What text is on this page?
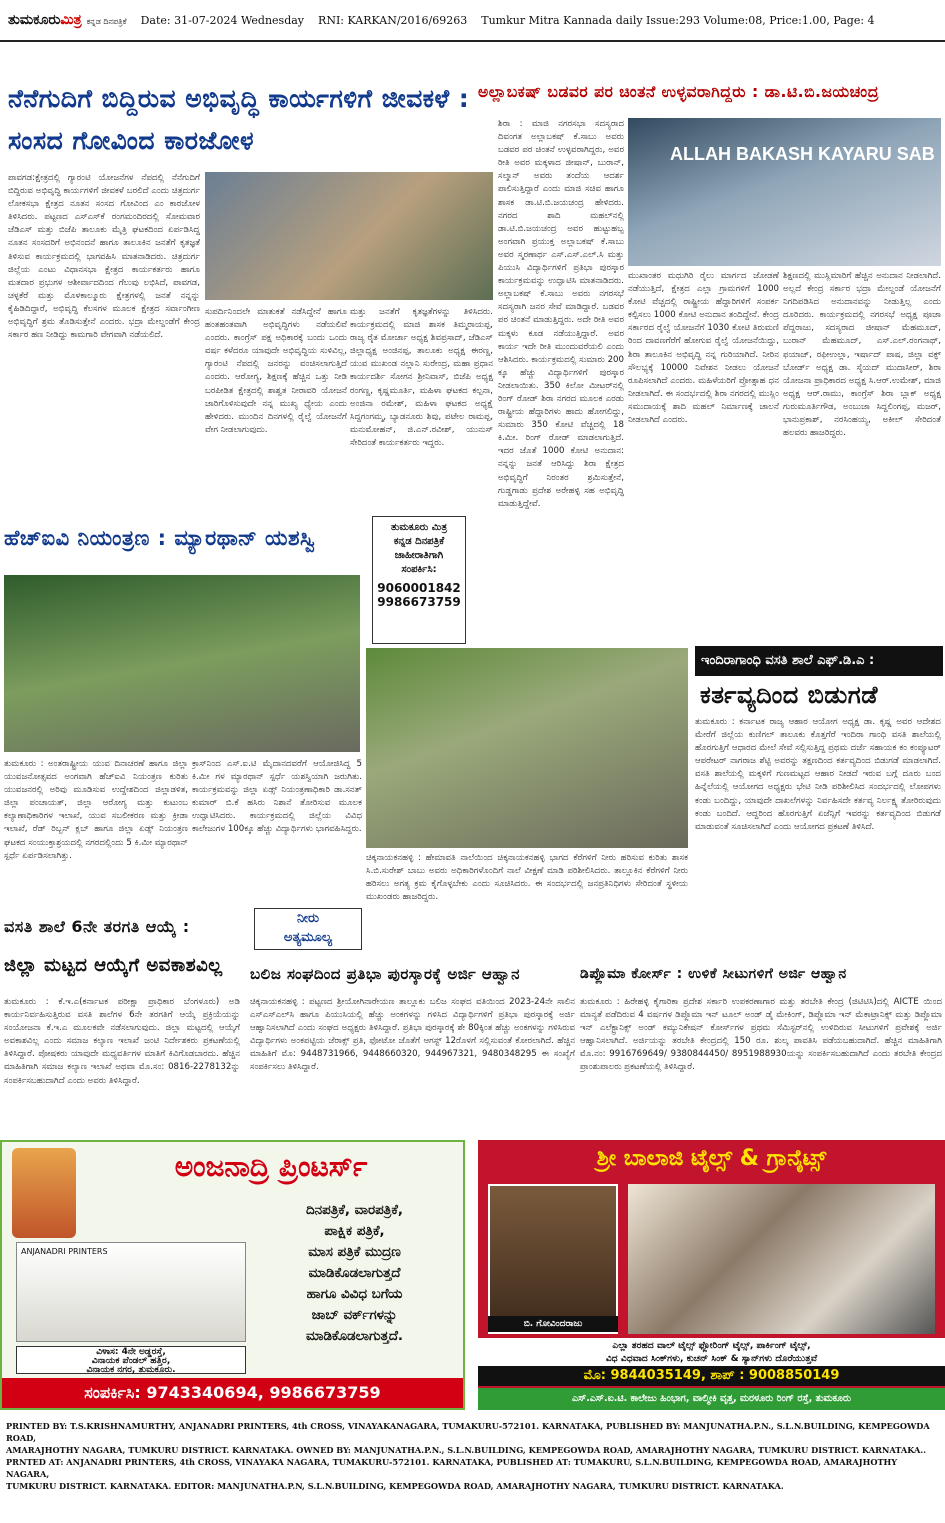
ತುಮಕೂರುಮಿತ್ರ ಕನ್ನಡ ದಿನಪತ್ರಿಕೆ Date: 31-07-2024 Wednesday RNI: KARKAN/2016/69263 Tumkur Mitra Kannada daily Issue:293 Volume:08, Price:1.00, Page: 4
ನೆನೆಗುದಿಗೆ ಬಿದ್ದಿರುವ ಅಭಿವೃದ್ಧಿ ಕಾರ್ಯಗಳಿಗೆ ಜೀವಕಳೆ : ಸಂಸದ ಗೋವಿಂದ ಕಾರಜೋಳ
ಪಾವಗಡ:ಕ್ಷೇತ್ರದಲ್ಲಿ ಗ್ಯಾರಂಟಿ ಯೋಜನೆಗಳ ನೆಪದಲ್ಲಿ ನೆನೆಗುದಿಗೆ ಬಿದ್ದಿರುವ ಅಭಿವೃದ್ಧಿ ಕಾರ್ಯಗಳಿಗೆ ಜೀವಕಳೆ ಬರಲಿದೆ ಎಂದು ಚಿತ್ರದುರ್ಗ ಲೋಕಸಭಾ ಕ್ಷೇತ್ರದ ನೂತನ ಸಂಸದ ಗೋವಿಂದ ಎಂ ಕಾರಜೋಳ ತಿಳಿಸಿದರು. ಪಟ್ಟಣದ ಎಸ್‌ಎಸ್‌ಕೆ ರಂಗಮಂದಿರದಲ್ಲಿ ಸೋಮವಾರ ಜೆಡಿಎಸ್ ಮತ್ತು ಬಿಜೆಪಿ ತಾಲೂಕು ಮೈತ್ರಿ ಘಟಕದಿಂದ ಏರ್ಪಡಿಸಿದ್ದ ನೂತನ ಸಂಸದರಿಗೆ ಅಭಿನಂದನೆ ಹಾಗೂ ತಾಲೂಕಿನ ಜನತೆಗೆ ಕೃತಜ್ಞತೆ ತಿಳಿಸುವ ಕಾರ್ಯಕ್ರಮದಲ್ಲಿ ಭಾಗವಹಿಸಿ ಮಾತನಾಡಿದರು. ಚಿತ್ರದುರ್ಗ ಜಿಲ್ಲೆಯ ಎಂಟು ವಿಧಾನಸಭಾ ಕ್ಷೇತ್ರದ ಕಾರ್ಯಕರ್ತರು ಹಾಗೂ ಮತದಾರ ಪ್ರಭುಗಳ ಆಶೀರ್ವಾದದಿಂದ ಗೆಲುವು ಲಭಿಸಿದೆ, ಪಾವಗಡ, ಚಳ್ಳಕೆರೆ ಮತ್ತು ಮೊಳಕಾಲ್ಮೂರು ಕ್ಷೇತ್ರಗಳಲ್ಲಿ ಜನತೆ ನನ್ನನ್ನು ಕೈಹಿಡಿದಿದ್ದಾರೆ, ಅಭಿವೃದ್ಧಿ ಕೆಲಸಗಳ ಮೂಲಕ ಕ್ಷೇತ್ರದ ಸರ್ವಾಂಗೀಣ ಅಭಿವೃದ್ಧಿಗೆ ಶ್ರಮ ತೊಡಿಸುತ್ತೇನೆ ಎಂದರು. ಭದ್ರಾ ಮೇಲ್ದಂಡೆಗೆ ಕೇಂದ್ರ ಸರ್ಕಾರ ಹಣ ನೀಡಿದ್ದು ಕಾಮಗಾರಿ ವೇಗವಾಗಿ ನಡೆಯಲಿದೆ.
ಸುಪರ್ದಿನಿಂದಲೇ ಮಾತುಕತೆ ನಡೆಸಿದ್ದೇನೆ ಹಾಗೂ ಹಂತಹಂತವಾಗಿ ಅಭಿವೃದ್ಧಿಗಳು ನಡೆಯಲಿವೆ ಎಂದರು. ಕಾಂಗ್ರೆಸ್ ಪಕ್ಷ ಅಧಿಕಾರಕ್ಕೆ ಬಂದು ಒಂದು ವರ್ಷ ಕಳೆದರೂ ಯಾವುದೇ ಅಭಿವೃದ್ಧಿಯ ಸುಳಿವಿಲ್ಲ, ಗ್ಯಾರಂಟಿ ನೆಪದಲ್ಲಿ ಜನರನ್ನು ವಂಚಿಸಲಾಗುತ್ತಿದೆ ಎಂದರು. ಆರೋಗ್ಯ, ಶಿಕ್ಷಣಕ್ಕೆ ಹೆಚ್ಚಿನ ಒತ್ತು ನೀಡಿ ಬರಪೀಡಿತ ಕ್ಷೇತ್ರದಲ್ಲಿ ಶಾಶ್ವತ ನೀರಾವರಿ ಯೋಜನೆ ಜಾರಿಗೊಳಿಸುವುದೇ ನನ್ನ ಮುಖ್ಯ ಧ್ಯೇಯ ಎಂದು ಹೇಳಿದರು. ಮುಂದಿನ ದಿನಗಳಲ್ಲಿ ರೈಲ್ವೆ ಯೋಜನೆಗೆ ವೇಗ ನೀಡಲಾಗುವುದು.
ಮತ್ತು ಜನತೆಗೆ ಕೃತಜ್ಞತೆಗಳನ್ನು ತಿಳಿಸಿದರು. ಕಾರ್ಯಕ್ರಮದಲ್ಲಿ ಮಾಜಿ ಶಾಸಕ ತಿಮ್ಮರಾಯಪ್ಪ, ರಾಜ್ಯ ರೈತ ಮೋರ್ಚಾ ಅಧ್ಯಕ್ಷ ಶಿವಪ್ರಸಾದ್, ಜೆಡಿಎಸ್ ಜಿಲ್ಲಾಧ್ಯಕ್ಷ ಅಂಜಿನಪ್ಪ, ತಾಲೂಕು ಅಧ್ಯಕ್ಷ ಈರಣ್ಣ, ಯುವ ಮುಖಂಡ ನಲ್ಲಾನಿ ಸುರೇಂದ್ರ, ಮಹಾ ಪ್ರಧಾನ ಕಾರ್ಯದರ್ಶಿ ಸೋಗನ ಶ್ರೀನಿವಾಸ್, ಬಿಜೆಪಿ ಅಧ್ಯಕ್ಷ ರಂಗಣ್ಣ, ಕೃಷ್ಣಮೂರ್ತಿ, ಮಹಿಳಾ ಘಟಕದ ಕಲ್ಪನಾ, ಅಂಜಿನಾ ರಮೇಶ್, ಮಹಿಳಾ ಘಟಕದ ಅಧ್ಯಕ್ಷೆ ಸಿದ್ದಗಂಗಮ್ಮ, ಬ್ಯಾಡನೂರು ಶಿವು, ಪಟೇಲ ರಾಮಪ್ಪ, ಮನುಮೋಹನ್, ಜಿ.ಎನ್.ರವೀಶ್, ಯುನುಸ್ ಸೇರಿದಂತೆ ಕಾರ್ಯಕರ್ತರು ಇದ್ದರು.
ಅಲ್ಲಾಬಕಷ್ ಬಡವರ ಪರ ಚಿಂತನೆ ಉಳ್ಳವರಾಗಿದ್ದರು : ಡಾ.ಟಿ.ಬಿ.ಜಯಚಂದ್ರ
ಶಿರಾ : ಮಾಜಿ ನಗರಸಭಾ ಸದಸ್ಯರಾದ ದಿವಂಗತ ಅಲ್ಲಾಬಕಷ್ ಕೆ.ಸಾಬು ಅವರು ಬಡವರ ಪರ ಚಿಂತನೆ ಉಳ್ಳವರಾಗಿದ್ದರು, ಅವರ ರೀತಿ ಅವರ ಮಕ್ಕಳಾದ ಜೀಷಾನ್, ಬುರಾನ್, ಸಲ್ಮಾನ್ ಅವರು ತಂದೆಯ ಆದರ್ಶ ಪಾಲಿಸುತ್ತಿದ್ದಾರೆ ಎಂದು ಮಾಜಿ ಸಚಿವ ಹಾಗೂ ಶಾಸಕ ಡಾ.ಟಿ.ಬಿ.ಜಯಚಂದ್ರ ಹೇಳಿದರು. ನಗರದ ಶಾದಿ ಮಹಲ್‌ನಲ್ಲಿ ಡಾ.ಟಿ.ಬಿ.ಜಯಚಂದ್ರ ಅವರ ಹುಟ್ಟುಹಬ್ಬ ಅಂಗವಾಗಿ ಪ್ರಯುಕ್ತ ಅಲ್ಲಾಬಕಷ್ ಕೆ.ಸಾಬು ಅವರ ಸ್ಮರಣಾರ್ಥ ಎಸ್.ಎಸ್.ಎಲ್.ಸಿ ಮತ್ತು ಪಿಯುಸಿ ವಿದ್ಯಾರ್ಥಿಗಳಿಗೆ ಪ್ರತಿಭಾ ಪುರಸ್ಕಾರ ಕಾರ್ಯಕ್ರಮವನ್ನು ಉದ್ಘಾಟಿಸಿ ಮಾತನಾಡಿದರು. ಅಲ್ಲಾಬಕಷ್ ಕೆ.ಸಾಬು ಅವರು ನಗರಸಭೆ ಸದಸ್ಯರಾಗಿ ಜನರ ಸೇವೆ ಮಾಡಿದ್ದಾರೆ. ಬಡವರ ಪರ ಚಿಂತನೆ ಮಾಡುತ್ತಿದ್ದರು. ಅದೇ ರೀತಿ ಅವರ ಮಕ್ಕಳು ಕೂಡ ನಡೆಯುತ್ತಿದ್ದಾರೆ. ಅವರ ಕಾರ್ಯ ಇದೇ ರೀತಿ ಮುಂದುವರೆಯಲಿ ಎಂದು ಆಶಿಸಿದರು. ಕಾರ್ಯಕ್ರಮದಲ್ಲಿ ಸುಮಾರು 200 ಕ್ಕೂ ಹೆಚ್ಚು ವಿದ್ಯಾರ್ಥಿಗಳಿಗೆ ಪುರಸ್ಕಾರ ನೀಡಲಾಯಿತು. 350 ಕಿಲೋ ಮೀಟರ್‌ನಲ್ಲಿ ರಿಂಗ್ ರೋಡ್ ಶಿರಾ ನಗರದ ಮೂಲಕ ಎರಡು ರಾಷ್ಟ್ರೀಯ ಹೆದ್ದಾರಿಗಳು ಹಾದು ಹೋಗಲಿದ್ದು, ಸುಮಾರು 350 ಕೋಟಿ ವೆಚ್ಚದಲ್ಲಿ 18 ಕಿ.ಮೀ. ರಿಂಗ್ ರೋಡ್ ಮಾಡಲಾಗುತ್ತಿದೆ. ಇದರ ಜೊತೆ 1000 ಕೋಟಿ ಅನುದಾನ: ನನ್ನನ್ನು ಜನತೆ ಆರಿಸಿದ್ದು ಶಿರಾ ಕ್ಷೇತ್ರದ ಅಭಿವೃದ್ಧಿಗೆ ನಿರಂತರ ಶ್ರಮಿಸುತ್ತೇನೆ, ಗುಡ್ಡಗಾಡು ಪ್ರದೇಶ ಅರೇಹಳ್ಳಿ ಸಹ ಅಭಿವೃದ್ಧಿ ಮಾಡುತ್ತಿದ್ದೇವೆ.
ALLAH BAKASH KAYARU SAB
ಮುಖಾಂತರ ಮಧುಗಿರಿ ರೈಲು ಮಾರ್ಗದ ಜೋಡಣೆ ನಡೆಯುತ್ತಿದೆ, ಕ್ಷೇತ್ರದ ಎಲ್ಲಾ ಗ್ರಾಮಗಳಿಗೆ 1000 ಕೋಟಿ ವೆಚ್ಚದಲ್ಲಿ ರಾಷ್ಟ್ರೀಯ ಹೆದ್ದಾರಿಗಳಿಗೆ ಸಂಪರ್ಕ ಕಲ್ಪಿಸಲು 1000 ಕೋಟಿ ಅನುದಾನ ತಂದಿದ್ದೇನೆ. ಕೇಂದ್ರ ಸರ್ಕಾರದ ರೈಲ್ವೆ ಯೋಜನೆಗೆ 1030 ಕೋಟಿ ತಿರುಮಣಿ ರಿಂದ ದಾವಣಗೆರೆಗೆ ಹೋಗುವ ರೈಲ್ವೆ ಯೋಜನೆಯಿದ್ದು, ಶಿರಾ ತಾಲೂಕಿನ ಅಭಿವೃದ್ಧಿ ನನ್ನ ಗುರಿಯಾಗಿದೆ. ನೀರಿನ ಸೌಲಭ್ಯಕ್ಕೆ 10000 ನಿವೇಶನ ನೀಡಲು ಯೋಜನೆ ರೂಪಿಸಲಾಗಿದೆ ಎಂದರು. ಮಹಿಳೆಯರಿಗೆ ಪ್ರೋತ್ಸಾಹ ಧನ ನೀಡಲಾಗಿದೆ. ಈ ಸಂದರ್ಭದಲ್ಲಿ ಶಿರಾ ನಗರದಲ್ಲಿ ಮುಸ್ಲಿಂ ಸಮುದಾಯಕ್ಕೆ ಶಾದಿ ಮಹಲ್ ನಿರ್ಮಾಣಕ್ಕೆ ಚಾಲನೆ ನೀಡಲಾಗಿದೆ ಎಂದರು.
ಶಿಕ್ಷಣದಲ್ಲಿ ಮುಸ್ಲಿಮಾರಿಗೆ ಹೆಚ್ಚಿನ ಅನುದಾನ ನೀಡಲಾಗಿದೆ. ಅಲ್ಲದೆ ಕೇಂದ್ರ ಸರ್ಕಾರ ಭದ್ರಾ ಮೇಲ್ದಂಡೆ ಯೋಜನೆಗೆ ನಿಗದಿಪಡಿಸಿದ ಅನುದಾನವನ್ನು ನೀಡುತ್ತಿಲ್ಲ ಎಂದು ದೂರಿದರು. ಕಾರ್ಯಕ್ರಮದಲ್ಲಿ ನಗರಸಭೆ ಅಧ್ಯಕ್ಷ ಪೂಜಾ ಪೆದ್ದರಾಜು, ಸದಸ್ಯರಾದ ಜೀಷಾನ್ ಮೆಹಮೂದ್, ಬುರಾನ್ ಮೆಹಮೂದ್, ಎಸ್.ಎಲ್.ರಂಗನಾಥ್, ಫಯಾಜ್, ರಫೀಉಲ್ಲಾ, ಇರ್ಷಾದ್ ಪಾಷ, ಜಿಲ್ಲಾ ವಕ್ಫ್ ಬೋರ್ಡ್ ಅಧ್ಯಕ್ಷ ಡಾ. ಸೈಯದ್ ಮುದಾಸೀರ್, ಶಿರಾ ಯೋಜನಾ ಪ್ರಾಧಿಕಾರದ ಅಧ್ಯಕ್ಷ ಸಿ.ಆರ್.ಉಮೇಶ್, ಮಾಜಿ ಅಧ್ಯಕ್ಷ ಆರ್.ರಾಮು, ಕಾಂಗ್ರೆಸ್ ಶಿರಾ ಬ್ಲಾಕ್ ಅಧ್ಯಕ್ಷ ಗುರುಮೂರ್ತಿಗೌಡ, ಅಂಬುಜಾ ಸಿದ್ದಲಿಂಗಪ್ಪ, ಮಜರ್, ಭಾನುಪ್ರಕಾಶ್, ನರಸಿಂಹಯ್ಯ, ಅಕೀಲ್ ಸೇರಿದಂತೆ ಹಲವರು ಹಾಜರಿದ್ದರು.
ಹೆಚ್‌ಐವಿ ನಿಯಂತ್ರಣ : ಮ್ಯಾರಥಾನ್ ಯಶಸ್ವಿ	ತುಮಕೂರು ಮಿತ್ರ
ಕನ್ನಡ ದಿನಪತ್ರಿಕೆ
ಜಾಹೀರಾತಿಗಾಗಿ
ಸಂಪರ್ಕಿಸಿ:
9060001842
9986673759
ತುಮಕೂರು : ಅಂತರಾಷ್ಟ್ರೀಯ ಯುವ ದಿನಾಚರಣೆ ಹಾಗೂ ಜಿಲ್ಲಾ ಯುವಜನೋತ್ಸವದ ಅಂಗವಾಗಿ ಹೆಚ್‌ಐವಿ ನಿಯಂತ್ರಣ ಕುರಿತು ಯುವಜನರಲ್ಲಿ ಅರಿವು ಮೂಡಿಸುವ ಉದ್ದೇಶದಿಂದ ಜಿಲ್ಲಾಡಳಿತ, ಜಿಲ್ಲಾ ಪಂಚಾಯತ್, ಜಿಲ್ಲಾ ಆರೋಗ್ಯ ಮತ್ತು ಕುಟುಂಬ ಕಲ್ಯಾಣಾಧಿಕಾರಿಗಳ ಇಲಾಖೆ, ಯುವ ಸಬಲೀಕರಣ ಮತ್ತು ಕ್ರೀಡಾ ಇಲಾಖೆ, ರೆಡ್ ರಿಬ್ಬನ್ ಕ್ಲಬ್ ಹಾಗೂ ಜಿಲ್ಲಾ ಏಡ್ಸ್ ನಿಯಂತ್ರಣ ಘಟಕದ ಸಂಯುಕ್ತಾಶ್ರಯದಲ್ಲಿ ನಗರದಲ್ಲಿಂದು 5 ಕಿ.ಮೀ ಮ್ಯಾರಥಾನ್ ಸ್ಪರ್ಧೆ ಏರ್ಪಡಿಸಲಾಗಿತ್ತು.
ಕ್ರಾಸ್‌ನಿಂದ ಎಸ್.ಐ.ಟಿ ಮೈದಾನದವರೆಗೆ ಆಯೋಜಿಸಿದ್ದ 5 ಕಿ.ಮೀ ಗಳ ಮ್ಯಾರಥಾನ್ ಸ್ಪರ್ಧೆ ಯಶಸ್ವಿಯಾಗಿ ಜರುಗಿತು. ಕಾರ್ಯಕ್ರಮವನ್ನು ಜಿಲ್ಲಾ ಏಡ್ಸ್ ನಿಯಂತ್ರಣಾಧಿಕಾರಿ ಡಾ.ಸನತ್ ಕುಮಾರ್ ಬಿ.ಕೆ ಹಸಿರು ನಿಶಾನೆ ತೋರಿಸುವ ಮೂಲಕ ಉದ್ಘಾಟಿಸಿದರು. ಕಾರ್ಯಕ್ರಮದಲ್ಲಿ ಜಿಲ್ಲೆಯ ವಿವಿಧ ಕಾಲೇಜುಗಳ 100ಕ್ಕೂ ಹೆಚ್ಚು ವಿದ್ಯಾರ್ಥಿಗಳು ಭಾಗವಹಿಸಿದ್ದರು.
ಚಿಕ್ಕನಾಯಕನಹಳ್ಳಿ : ಹೇಮಾವತಿ ನಾಲೆಯಿಂದ ಚಿಕ್ಕನಾಯಕನಹಳ್ಳಿ ಭಾಗದ ಕೆರೆಗಳಿಗೆ ನೀರು ಹರಿಸುವ ಕುರಿತು ಶಾಸಕ ಸಿ.ಬಿ.ಸುರೇಶ್ ಬಾಬು ಅವರು ಅಧಿಕಾರಿಗಳೊಂದಿಗೆ ನಾಲೆ ವೀಕ್ಷಣೆ ಮಾಡಿ ಪರಿಶೀಲಿಸಿದರು. ತಾಲ್ಲೂಕಿನ ಕೆರೆಗಳಿಗೆ ನೀರು ಹರಿಸಲು ಅಗತ್ಯ ಕ್ರಮ ಕೈಗೊಳ್ಳಬೇಕು ಎಂದು ಸೂಚಿಸಿದರು. ಈ ಸಂದರ್ಭದಲ್ಲಿ ಜನಪ್ರತಿನಿಧಿಗಳು ಸೇರಿದಂತೆ ಸ್ಥಳೀಯ ಮುಖಂಡರು ಹಾಜರಿದ್ದರು.
ಇಂದಿರಾಗಾಂಧಿ ವಸತಿ ಶಾಲೆ ಎಫ್.ಡಿ.ಎ :
ಕರ್ತವ್ಯದಿಂದ ಬಿಡುಗಡೆ
ತುಮಕೂರು : ಕರ್ನಾಟಕ ರಾಜ್ಯ ಆಹಾರ ಆಯೋಗ ಅಧ್ಯಕ್ಷ ಡಾ. ಕೃಷ್ಣ ಅವರ ಆದೇಶದ ಮೇರೆಗೆ ಜಿಲ್ಲೆಯ ಕುಣಿಗಲ್ ತಾಲೂಕು ಕೊತ್ತಗೆರೆ ಇಂದಿರಾ ಗಾಂಧಿ ವಸತಿ ಶಾಲೆಯಲ್ಲಿ ಹೊರಗುತ್ತಿಗೆ ಆಧಾರದ ಮೇಲೆ ಸೇವೆ ಸಲ್ಲಿಸುತ್ತಿದ್ದ ಪ್ರಥಮ ದರ್ಜೆ ಸಹಾಯಕ ಕಂ ಕಂಪ್ಯೂಟರ್ ಆಪರೇಟರ್ ನಾಗರಾಜ ಶೆಟ್ಟಿ ಅವರನ್ನು ತಕ್ಷಣದಿಂದ ಕರ್ತವ್ಯದಿಂದ ಬಿಡುಗಡೆ ಮಾಡಲಾಗಿದೆ. ವಸತಿ ಶಾಲೆಯಲ್ಲಿ ಮಕ್ಕಳಿಗೆ ಗುಣಮಟ್ಟದ ಆಹಾರ ನೀಡದೆ ಇರುವ ಬಗ್ಗೆ ದೂರು ಬಂದ ಹಿನ್ನೆಲೆಯಲ್ಲಿ ಆಯೋಗದ ಅಧ್ಯಕ್ಷರು ಭೇಟಿ ನೀಡಿ ಪರಿಶೀಲಿಸಿದ ಸಂದರ್ಭದಲ್ಲಿ ಲೋಪಗಳು ಕಂಡು ಬಂದಿದ್ದು, ಯಾವುದೇ ದಾಖಲೆಗಳನ್ನು ನಿರ್ವಹಿಸದೇ ಕರ್ತವ್ಯ ನಿರ್ಲಕ್ಷ್ಯ ತೋರಿರುವುದು ಕಂಡು ಬಂದಿದೆ. ಆದ್ದರಿಂದ ಹೊರಗುತ್ತಿಗೆ ಏಜೆನ್ಸಿಗೆ ಇವರನ್ನು ಕರ್ತವ್ಯದಿಂದ ಬಿಡುಗಡೆ ಮಾಡುವಂತೆ ಸೂಚಿಸಲಾಗಿದೆ ಎಂದು ಆಯೋಗದ ಪ್ರಕಟಣೆ ತಿಳಿಸಿದೆ.
ವಸತಿ ಶಾಲೆ 6ನೇ ತರಗತಿ ಆಯ್ಕೆ :	ನೀರು
ಅತ್ಯಮೂಲ್ಯ
ಜಿಲ್ಲಾ ಮಟ್ಟದ ಆಯ್ಕೆಗೆ ಅವಕಾಶವಿಲ್ಲ
ತುಮಕೂರು : ಕೆ.ಇ.ಎ(ಕರ್ನಾಟಕ ಪರೀಕ್ಷಾ ಪ್ರಾಧಿಕಾರ ಬೆಂಗಳೂರು) ಅಡಿ ಕಾರ್ಯನಿರ್ವಹಿಸುತ್ತಿರುವ ವಸತಿ ಶಾಲೆಗಳ 6ನೇ ತರಗತಿಗೆ ಆಯ್ಕೆ ಪ್ರಕ್ರಿಯೆಯನ್ನು ಸಂಯೋಜನಾ ಕೆ.ಇ.ಎ ಮೂಲಕವೇ ನಡೆಸಲಾಗುವುದು. ಜಿಲ್ಲಾ ಮಟ್ಟದಲ್ಲಿ ಆಯ್ಕೆಗೆ ಅವಕಾಶವಿಲ್ಲ ಎಂದು ಸಮಾಜ ಕಲ್ಯಾಣ ಇಲಾಖೆ ಜಂಟಿ ನಿರ್ದೇಶಕರು ಪ್ರಕಟಣೆಯಲ್ಲಿ ತಿಳಿಸಿದ್ದಾರೆ. ಪೋಷಕರು ಯಾವುದೇ ಮಧ್ಯವರ್ತಿಗಳ ಮಾತಿಗೆ ಕಿವಿಗೊಡಬಾರದು. ಹೆಚ್ಚಿನ ಮಾಹಿತಿಗಾಗಿ ಸಮಾಜ ಕಲ್ಯಾಣ ಇಲಾಖೆ ಅಥವಾ ಮೊ.ಸಂ: 0816-2278132ನ್ನು ಸಂಪರ್ಕಿಸಬಹುದಾಗಿದೆ ಎಂದು ಅವರು ತಿಳಿಸಿದ್ದಾರೆ.
ಬಲಿಜ ಸಂಘದಿಂದ ಪ್ರತಿಭಾ ಪುರಸ್ಕಾರಕ್ಕೆ ಅರ್ಜಿ ಆಹ್ವಾನ
ಚಿಕ್ಕನಾಯಕನಹಳ್ಳಿ : ಪಟ್ಟಣದ ಶ್ರೀಯೋಗಿನಾರೇಯಣ ತಾಲ್ಲೂಕು ಬಲಿಜ ಸಂಘದ ವತಿಯಿಂದ 2023-24ನೇ ಸಾಲಿನ ಎಸ್‌ಎಸ್‌ಎಲ್‌ಸಿ ಹಾಗೂ ಪಿಯುಸಿಯಲ್ಲಿ ಹೆಚ್ಚು ಅಂಕಗಳನ್ನು ಗಳಿಸಿದ ವಿದ್ಯಾರ್ಥಿಗಳಿಗೆ ಪ್ರತಿಭಾ ಪುರಸ್ಕಾರಕ್ಕೆ ಅರ್ಜಿ ಆಹ್ವಾನಿಸಲಾಗಿದೆ ಎಂದು ಸಂಘದ ಅಧ್ಯಕ್ಷರು ತಿಳಿಸಿದ್ದಾರೆ. ಪ್ರತಿಭಾ ಪುರಸ್ಕಾರಕ್ಕೆ ಶೇ 80ಕ್ಕಿಂತ ಹೆಚ್ಚು ಅಂಕಗಳನ್ನು ಗಳಿಸಿರುವ ವಿದ್ಯಾರ್ಥಿಗಳು ಅಂಕಪಟ್ಟಿಯ ಜೆರಾಕ್ಸ್ ಪ್ರತಿ, ಫೋಟೋ ಜೊತೆಗೆ ಆಗಸ್ಟ್ 12ರೊಳಗೆ ಸಲ್ಲಿಸುವಂತೆ ಕೋರಲಾಗಿದೆ. ಹೆಚ್ಚಿನ ಮಾಹಿತಿಗೆ ಮೊ: 9448731966, 9448660320, 944967321, 9480348295 ಈ ಸಂಖ್ಯೆಗೆ ಸಂಪರ್ಕಿಸಲು ತಿಳಿಸಿದ್ದಾರೆ.
ಡಿಪ್ಲೊಮಾ ಕೋರ್ಸ್ : ಉಳಿಕೆ ಸೀಟುಗಳಿಗೆ ಅರ್ಜಿ ಆಹ್ವಾನ
ತುಮಕೂರು : ಹಿರೇಹಳ್ಳಿ ಕೈಗಾರಿಕಾ ಪ್ರದೇಶ ಸರ್ಕಾರಿ ಉಪಕರಣಾಗಾರ ಮತ್ತು ತರಬೇತಿ ಕೇಂದ್ರ (ಜಿಟಿಟಿಸಿ)ದಲ್ಲಿ AICTE ಯಿಂದ ಮಾನ್ಯತೆ ಪಡೆದಿರುವ 4 ವರ್ಷಗಳ ಡಿಪ್ಲೊಮಾ ಇನ್ ಟೂಲ್ ಅಂಡ್ ಡೈ ಮೇಕಿಂಗ್, ಡಿಪ್ಲೊಮಾ ಇನ್ ಮೆಕಾಟ್ರಾನಿಕ್ಸ್ ಮತ್ತು ಡಿಪ್ಲೊಮಾ ಇನ್ ಎಲೆಕ್ಟ್ರಾನಿಕ್ಸ್ ಅಂಡ್ ಕಮ್ಯುನಿಕೇಷನ್ ಕೋರ್ಸ್‌ಗಳ ಪ್ರಥಮ ಸೆಮಿಸ್ಟರ್‌ನಲ್ಲಿ ಉಳಿದಿರುವ ಸೀಟುಗಳಿಗೆ ಪ್ರವೇಶಕ್ಕೆ ಅರ್ಜಿ ಆಹ್ವಾನಿಸಲಾಗಿದೆ. ಅರ್ಜಿಯನ್ನು ತರಬೇತಿ ಕೇಂದ್ರದಲ್ಲಿ 150 ರೂ. ಶುಲ್ಕ ಪಾವತಿಸಿ ಪಡೆಯಬಹುದಾಗಿದೆ. ಹೆಚ್ಚಿನ ಮಾಹಿತಿಗಾಗಿ ಮೊ.ನಂ: 9916769649/ 9380844450/ 8951988930ಯನ್ನು ಸಂಪರ್ಕಿಸಬಹುದಾಗಿದೆ ಎಂದು ತರಬೇತಿ ಕೇಂದ್ರದ ಪ್ರಾಂಶುಪಾಲರು ಪ್ರಕಟಣೆಯಲ್ಲಿ ತಿಳಿಸಿದ್ದಾರೆ.
ಅಂಜನಾದ್ರಿ ಪ್ರಿಂಟರ್ಸ್
ANJANADRI PRINTERS
ದಿನಪತ್ರಿಕೆ, ವಾರಪತ್ರಿಕೆ,
ಪಾಕ್ಷಿಕ ಪತ್ರಿಕೆ,
ಮಾಸ ಪತ್ರಿಕೆ ಮುದ್ರಣ
ಮಾಡಿಕೊಡಲಾಗುತ್ತದೆ
ಹಾಗೂ ವಿವಿಧ ಬಗೆಯ
ಜಾಬ್ ವರ್ಕ್‌ಗಳನ್ನು
ಮಾಡಿಕೊಡಲಾಗುತ್ತದೆ.
ವಿಳಾಸ: 4ನೇ ಅಡ್ಡರಸ್ತೆ,
ವಿನಾಯಕ ಪೆಂಡಲ್ ಹತ್ತಿರ,
ವಿನಾಯಕ ನಗರ, ತುಮಕೂರು.
ಸಂಪರ್ಕಿಸಿ: 9743340694, 9986673759
ಶ್ರೀ ಬಾಲಾಜಿ ಟೈಲ್ಸ್ & ಗ್ರಾನೈಟ್ಸ್
ಬಿ. ಗೋವಿಂದರಾಜು
ಎಲ್ಲಾ ತರಹದ ವಾಲ್ ಟೈಲ್ಸ್ ಫ್ಲೋರಿಂಗ್ ಟೈಲ್ಸ್, ಪಾರ್ಕಿಂಗ್ ಟೈಲ್ಸ್,
ವಿಧ ವಿಧವಾದ ಸಿಂಕ್‌ಗಳು, ಕುಚನ್ ಸಿಂಕ್ & ಸ್ಯಾನ್‌ಗಳು ದೊರೆಯುತ್ತವೆ
ಮೊ: 9844035149, ಶಾಪ್ : 9008850149
ಎಸ್.ಎಸ್.ಐ.ಟಿ. ಕಾಲೇಜು ಹಿಂಭಾಗ, ವಾಲ್ಮೀಕಿ ವೃತ್ತ, ಮರಳೂರು ರಿಂಗ್ ರಸ್ತೆ, ತುಮಕೂರು
PRINTED BY: T.S.KRISHNAMURTHY, ANJANADRI PRINTERS, 4th CROSS, VINAYAKANAGARA, TUMAKURU-572101. KARNATAKA, PUBLISHED BY: MANJUNATHA.P.N., S.L.N.BUILDING, KEMPEGOWDA ROAD,
AMARAJHOTHY NAGARA, TUMKURU DISTRICT. KARNATAKA. OWNED BY: MANJUNATHA.P.N., S.L.N.BUILDING, KEMPEGOWDA ROAD, AMARAJHOTHY NAGARA, TUMKURU DISTRICT. KARNATAKA..
PRNTED AT: ANJANADRI PRINTERS, 4th CROSS, VINAYAKA NAGARA, TUMAKURU-572101. KARNATAKA, PUBLISHED AT: TUMAKURU, S.L.N.BUILDING, KEMPEGOWDA ROAD, AMARAJHOTHY NAGARA,
TUMKURU DISTRICT. KARNATAKA. EDITOR: MANJUNATHA.P.N, S.L.N.BUILDING, KEMPEGOWDA ROAD, AMARAJHOTHY NAGARA, TUMKURU DISTRICT. KARNATAKA.
